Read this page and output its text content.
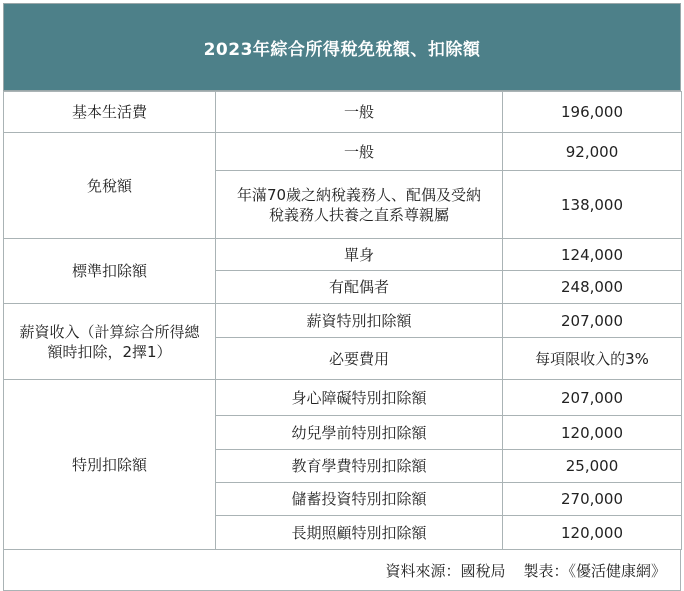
2023年綜合所得稅免稅額、扣除額
基本生活費	一般	196,000
免稅額	一般	92,000
	年滿70歲之納稅義務人、配偶及受納稅義務人扶養之直系尊親屬	138,000
標準扣除額	單身	124,000
	有配偶者	248,000
薪資收入（計算綜合所得總額時扣除，2擇1）	薪資特別扣除額	207,000
	必要費用	每項限收入的3%
特別扣除額	身心障礙特別扣除額	207,000
	幼兒學前特別扣除額	120,000
	教育學費特別扣除額	25,000
	儲蓄投資特別扣除額	270,000
	長期照顧特別扣除額	120,000
資料來源：國稅局 製表：《優活健康網》
